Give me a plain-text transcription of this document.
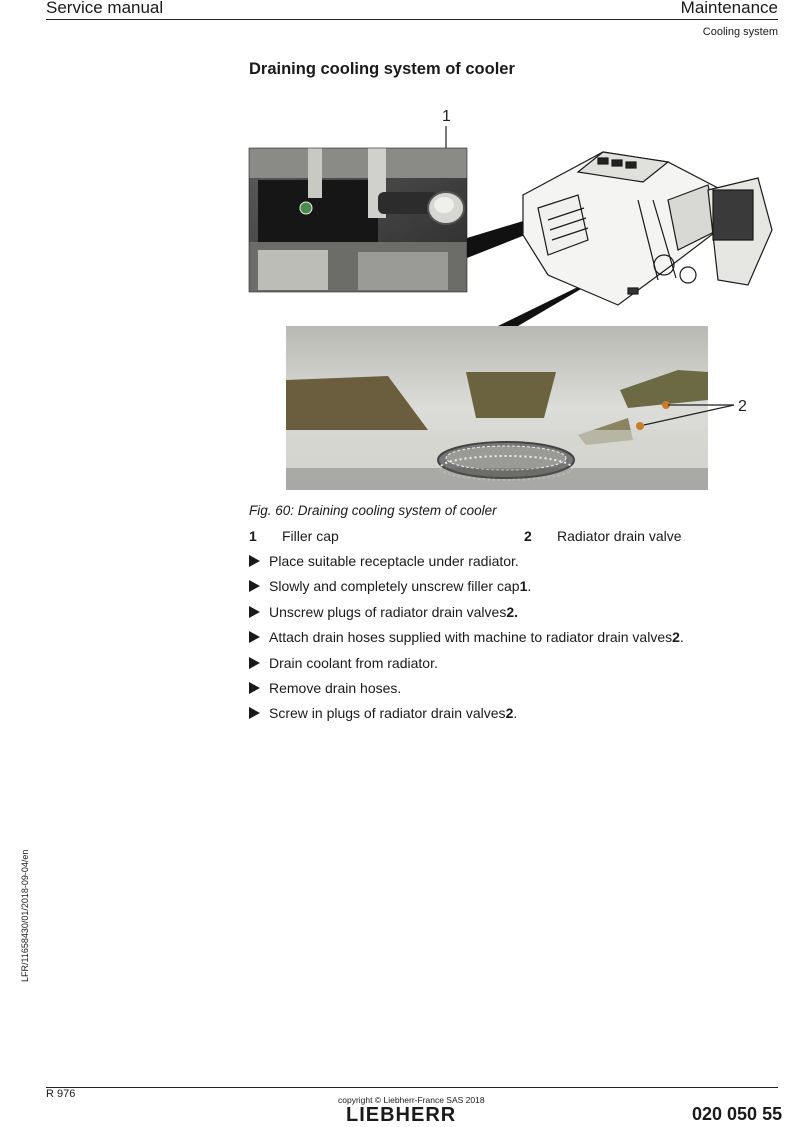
Service manual	Maintenance
Cooling system
Draining cooling system of cooler
1
2
Fig. 60: Draining cooling system of cooler
1 Filler cap	2 Radiator drain valve
Place suitable receptacle under radiator.
Slowly and completely unscrew filler cap 1 .
Unscrew plugs of radiator drain valves 2.
Attach drain hoses supplied with machine to radiator drain valves 2 .
Drain coolant from radiator.
Remove drain hoses.
Screw in plugs of radiator drain valves 2 .
LFR/11658430/01/2018-09-04/en
R 976	copyright © Liebherr-France SAS 2018
LIEBHERR	020 050 55
